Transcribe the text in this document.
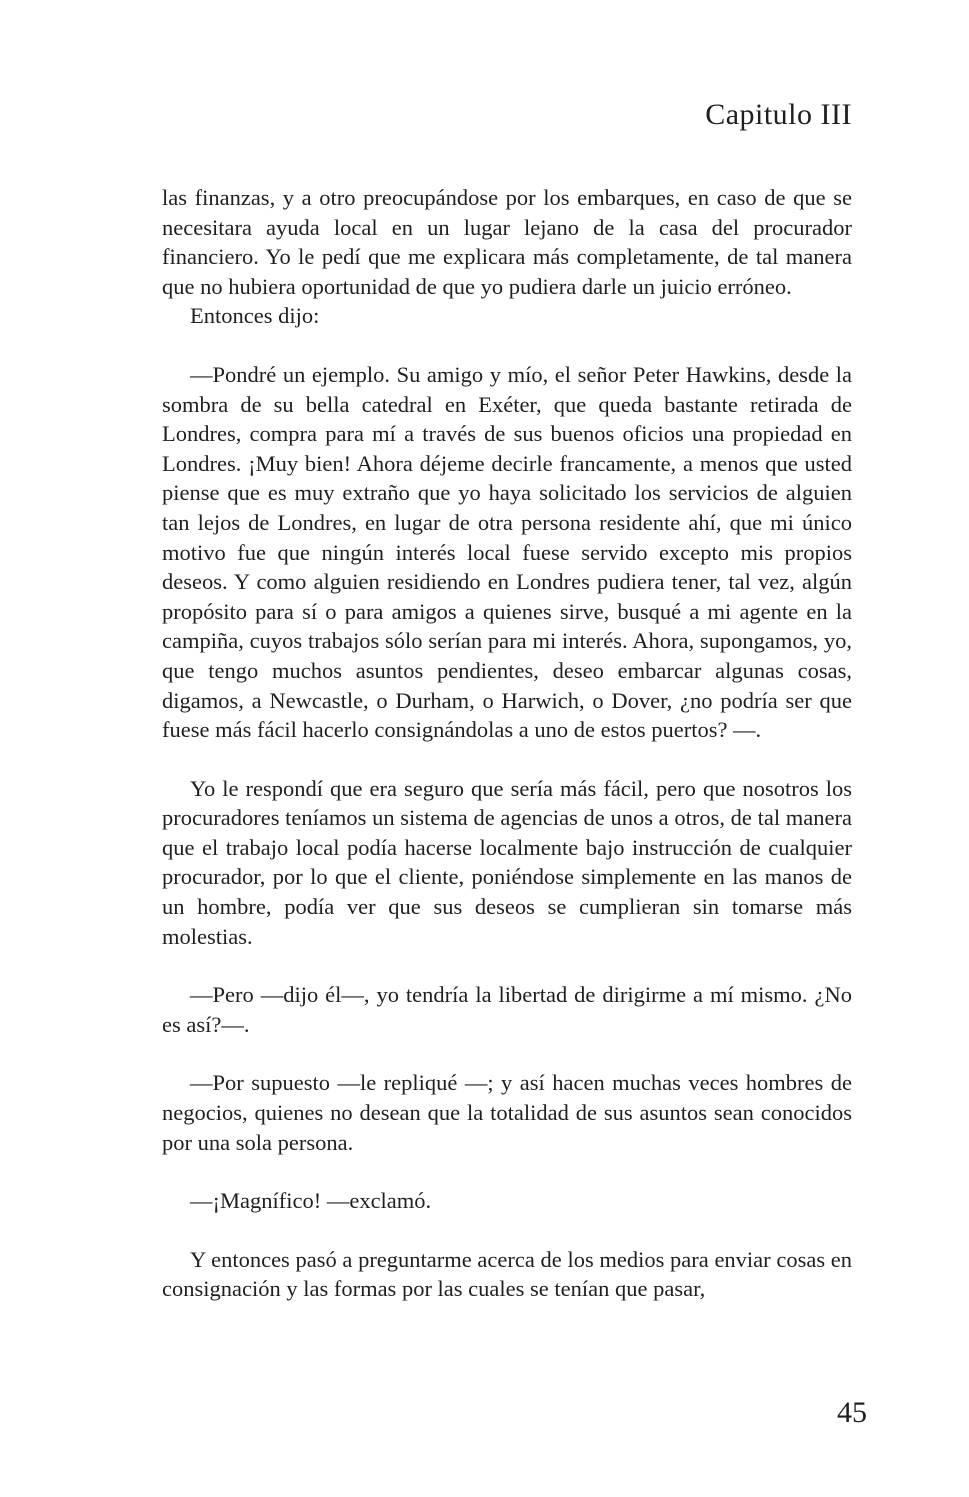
Capitulo III

las finanzas, y a otro preocupándose por los embarques, en caso de que se necesitara ayuda local en un lugar lejano de la casa del procurador financiero. Yo le pedí que me explicara más completamente, de tal manera que no hubiera oportunidad de que yo pudiera darle un juicio erróneo.

Entonces dijo:

—Pondré un ejemplo. Su amigo y mío, el señor Peter Hawkins, desde la sombra de su bella catedral en Exéter, que queda bastante retirada de Londres, compra para mí a través de sus buenos oficios una propiedad en Londres. ¡Muy bien! Ahora déjeme decirle francamente, a menos que usted piense que es muy extraño que yo haya solicitado los servicios de alguien tan lejos de Londres, en lugar de otra persona residente ahí, que mi único motivo fue que ningún interés local fuese servido excepto mis propios deseos. Y como alguien residiendo en Londres pudiera tener, tal vez, algún propósito para sí o para amigos a quienes sirve, busqué a mi agente en la campiña, cuyos trabajos sólo serían para mi interés. Ahora, supongamos, yo, que tengo muchos asuntos pendientes, deseo embarcar algunas cosas, digamos, a Newcastle, o Durham, o Harwich, o Dover, ¿no podría ser que fuese más fácil hacerlo consignándolas a uno de estos puertos? —.

Yo le respondí que era seguro que sería más fácil, pero que nosotros los procuradores teníamos un sistema de agencias de unos a otros, de tal manera que el trabajo local podía hacerse localmente bajo instrucción de cualquier procurador, por lo que el cliente, poniéndose simplemente en las manos de un hombre, podía ver que sus deseos se cumplieran sin tomarse más molestias.

—Pero —dijo él—, yo tendría la libertad de dirigirme a mí mismo. ¿No es así?—.

—Por supuesto —le repliqué —; y así hacen muchas veces hombres de negocios, quienes no desean que la totalidad de sus asuntos sean conocidos por una sola persona.

—¡Magnífico! —exclamó.

Y entonces pasó a preguntarme acerca de los medios para enviar cosas en consignación y las formas por las cuales se tenían que pasar,

45
